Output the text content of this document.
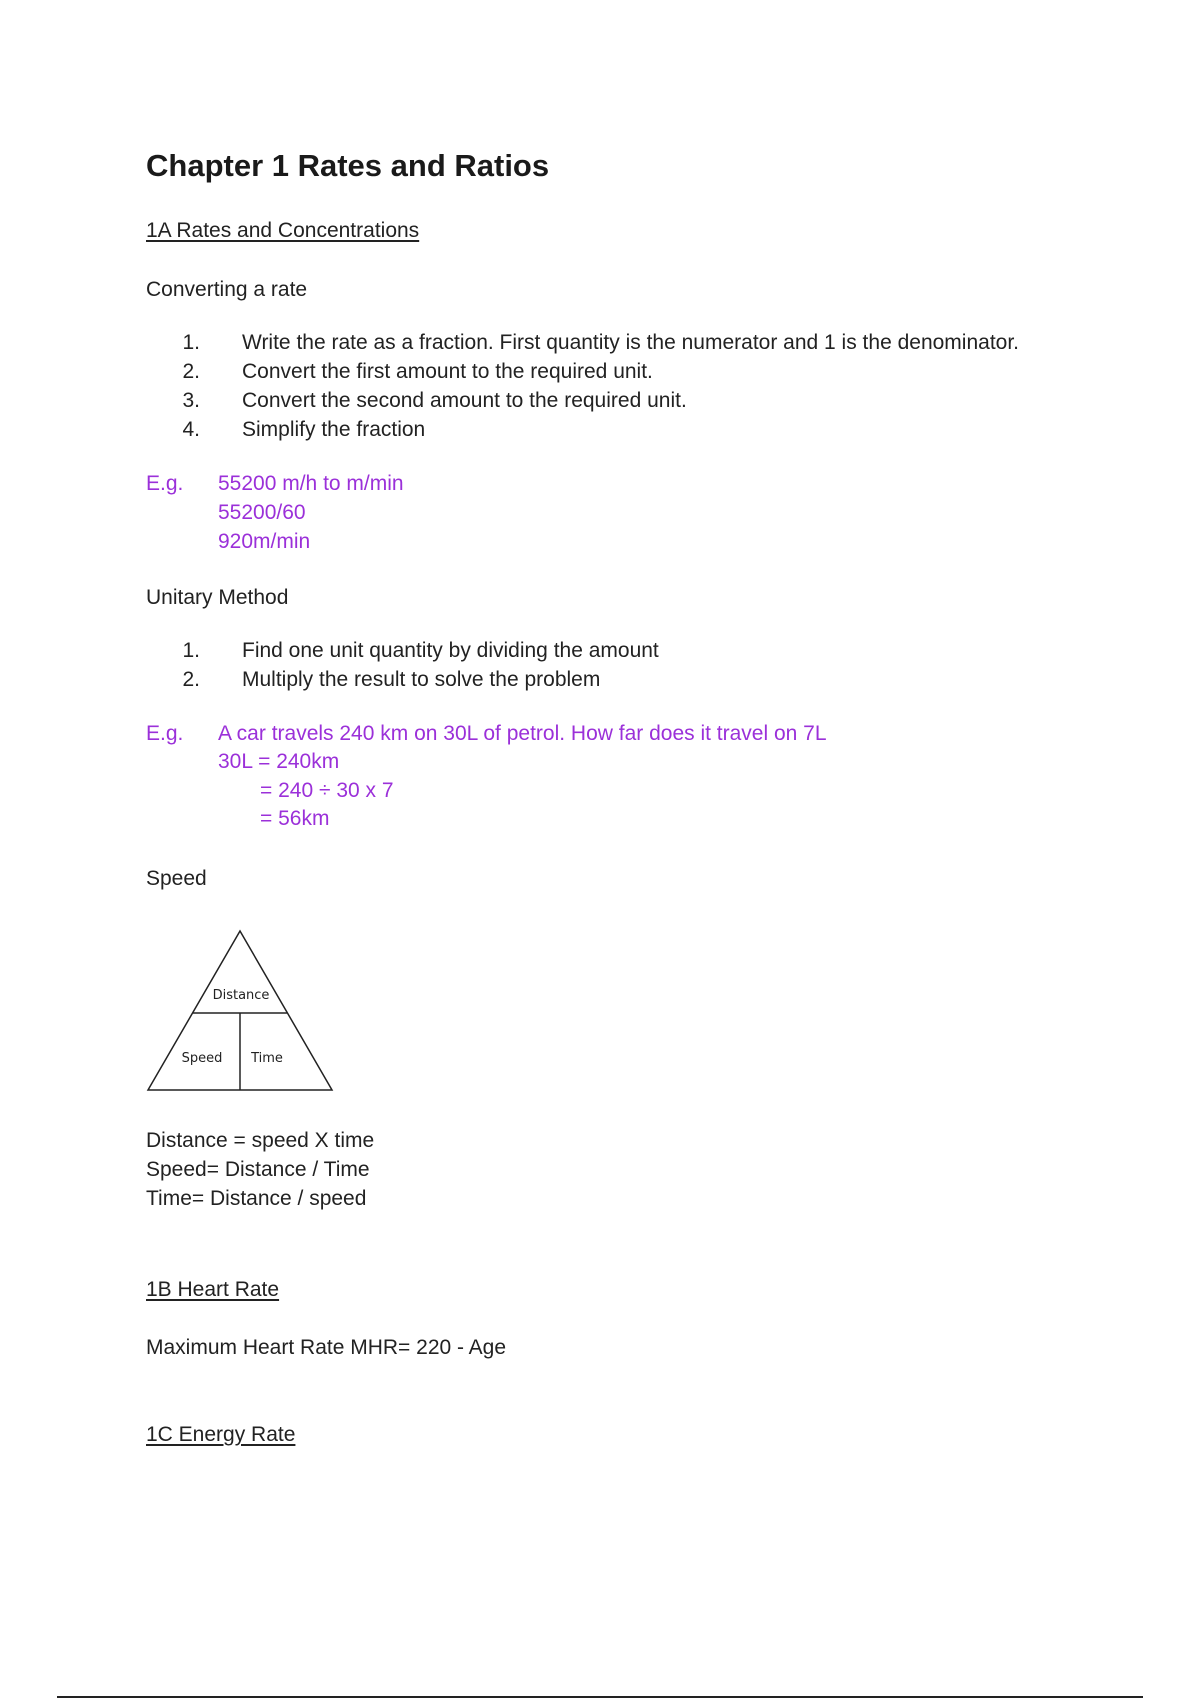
Chapter 1 Rates and Ratios
1A Rates and Concentrations
Converting a rate
1. Write the rate as a fraction. First quantity is the numerator and 1 is the denominator.
2. Convert the first amount to the required unit.
3. Convert the second amount to the required unit.
4. Simplify the fraction
E.g. 55200 m/h to m/min
55200/60
920m/min
Unitary Method
1. Find one unit quantity by dividing the amount
2. Multiply the result to solve the problem
E.g. A car travels 240 km on 30L of petrol. How far does it travel on 7L
30L = 240km
= 240 ÷ 30 x 7
= 56km
Speed
Distance
Speed Time
Distance = speed X time
Speed= Distance / Time
Time= Distance / speed
1B Heart Rate
Maximum Heart Rate MHR= 220 - Age
1C Energy Rate
